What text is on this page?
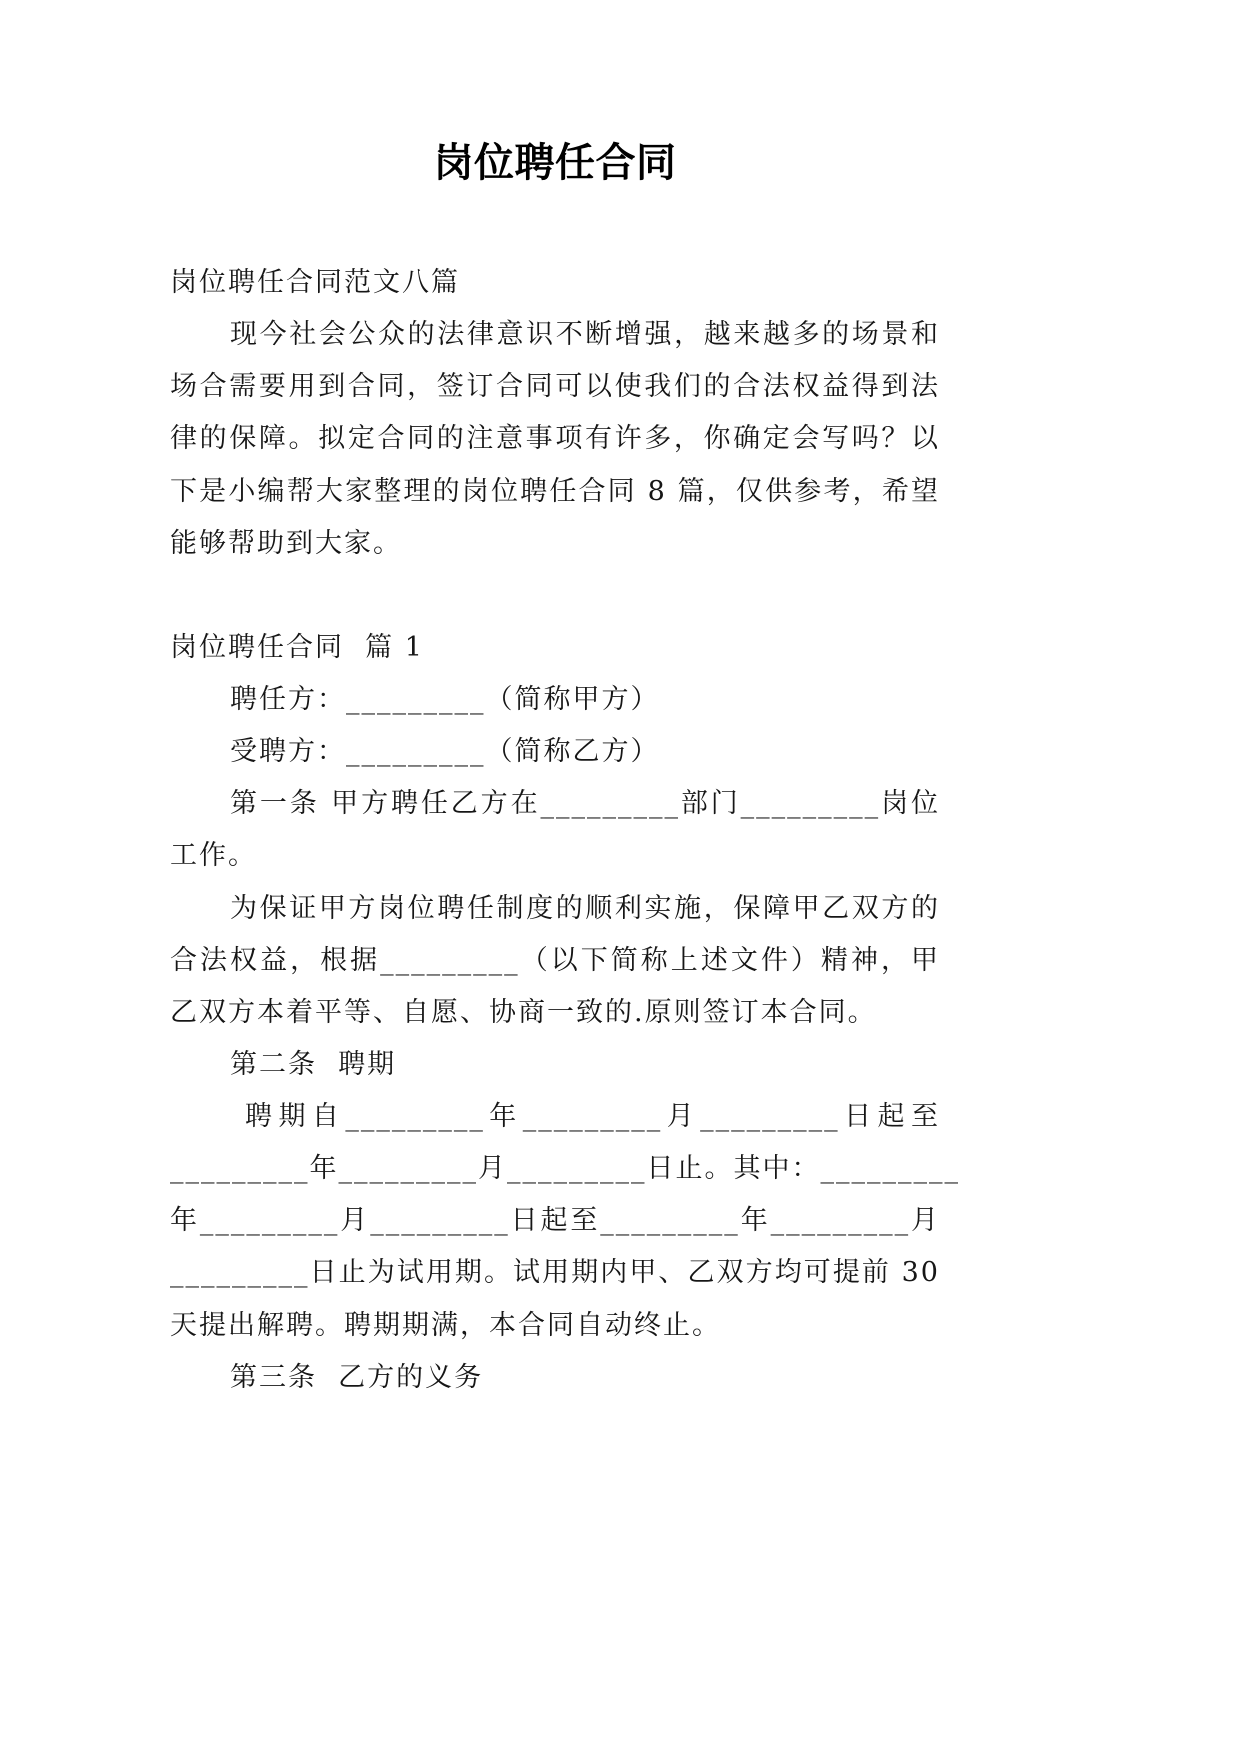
岗位聘任合同
岗位聘任合同范文八篇
现今社会公众的法律意识不断增强，越来越多的场景和
场合需要用到合同，签订合同可以使我们的合法权益得到法
律的保障。拟定合同的注意事项有许多，你确定会写吗？以
下是小编帮大家整理的岗位聘任合同 8 篇，仅供参考，希望
能够帮助到大家。
岗位聘任合同  篇 1
聘任方：_________（简称甲方）
受聘方：_________（简称乙方）
第一条 甲方聘任乙方在_________部门_________岗位
工作。
为保证甲方岗位聘任制度的顺利实施，保障甲乙双方的
合法权益，根据_________（以下简称上述文件）精神，甲
乙双方本着平等、自愿、协商一致的.原则签订本合同。
第二条  聘期
聘期自_________年_________月_________日起至
_________年_________月_________日止。其中：_________
年_________月_________日起至_________年_________月
_________日止为试用期。试用期内甲、乙双方均可提前 30
天提出解聘。聘期期满，本合同自动终止。
第三条  乙方的义务
